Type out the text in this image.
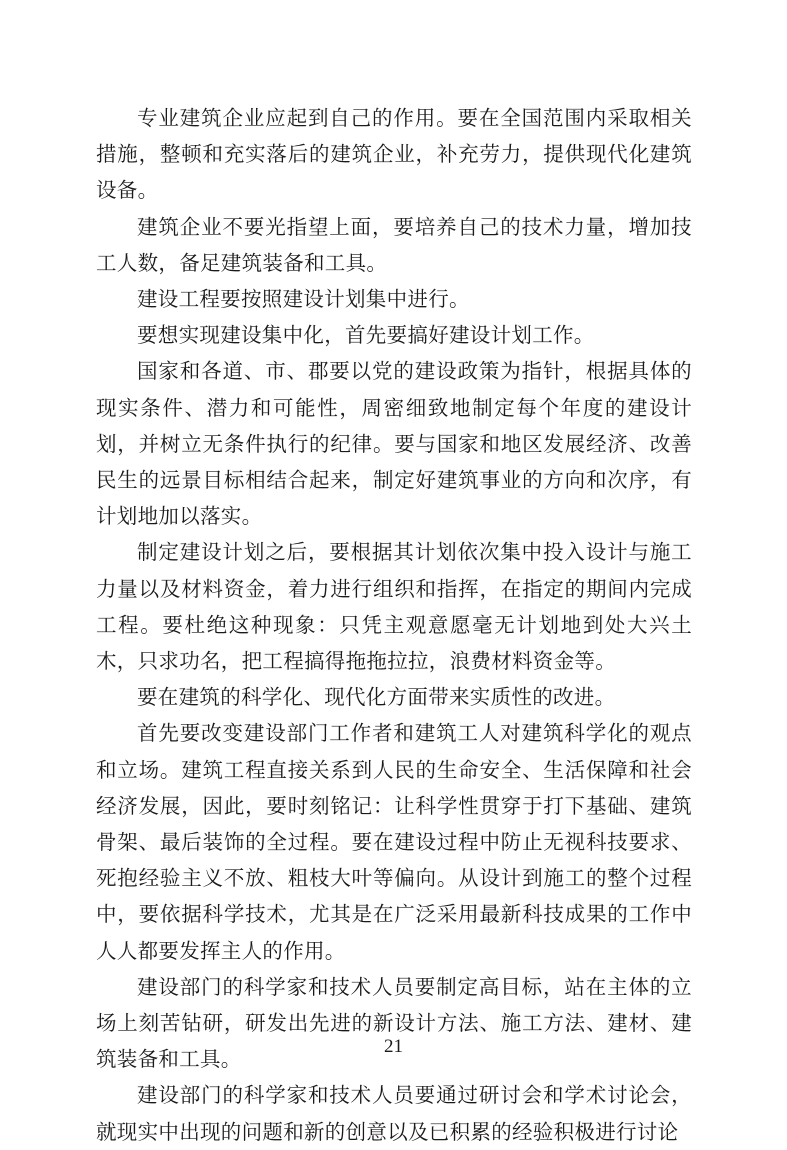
专业建筑企业应起到自己的作用。要在全国范围内采取相关措施，整顿和充实落后的建筑企业，补充劳力，提供现代化建筑设备。

建筑企业不要光指望上面，要培养自己的技术力量，增加技工人数，备足建筑装备和工具。

建设工程要按照建设计划集中进行。

要想实现建设集中化，首先要搞好建设计划工作。

国家和各道、市、郡要以党的建设政策为指针，根据具体的现实条件、潜力和可能性，周密细致地制定每个年度的建设计划，并树立无条件执行的纪律。要与国家和地区发展经济、改善民生的远景目标相结合起来，制定好建筑事业的方向和次序，有计划地加以落实。

制定建设计划之后，要根据其计划依次集中投入设计与施工力量以及材料资金，着力进行组织和指挥，在指定的期间内完成工程。要杜绝这种现象：只凭主观意愿毫无计划地到处大兴土木，只求功名，把工程搞得拖拖拉拉，浪费材料资金等。

要在建筑的科学化、现代化方面带来实质性的改进。

首先要改变建设部门工作者和建筑工人对建筑科学化的观点和立场。建筑工程直接关系到人民的生命安全、生活保障和社会经济发展，因此，要时刻铭记：让科学性贯穿于打下基础、建筑骨架、最后装饰的全过程。要在建设过程中防止无视科技要求、死抱经验主义不放、粗枝大叶等偏向。从设计到施工的整个过程中，要依据科学技术，尤其是在广泛采用最新科技成果的工作中人人都要发挥主人的作用。

建设部门的科学家和技术人员要制定高目标，站在主体的立场上刻苦钻研，研发出先进的新设计方法、施工方法、建材、建筑装备和工具。

建设部门的科学家和技术人员要通过研讨会和学术讨论会，就现实中出现的问题和新的创意以及已积累的经验积极进行讨论

21
